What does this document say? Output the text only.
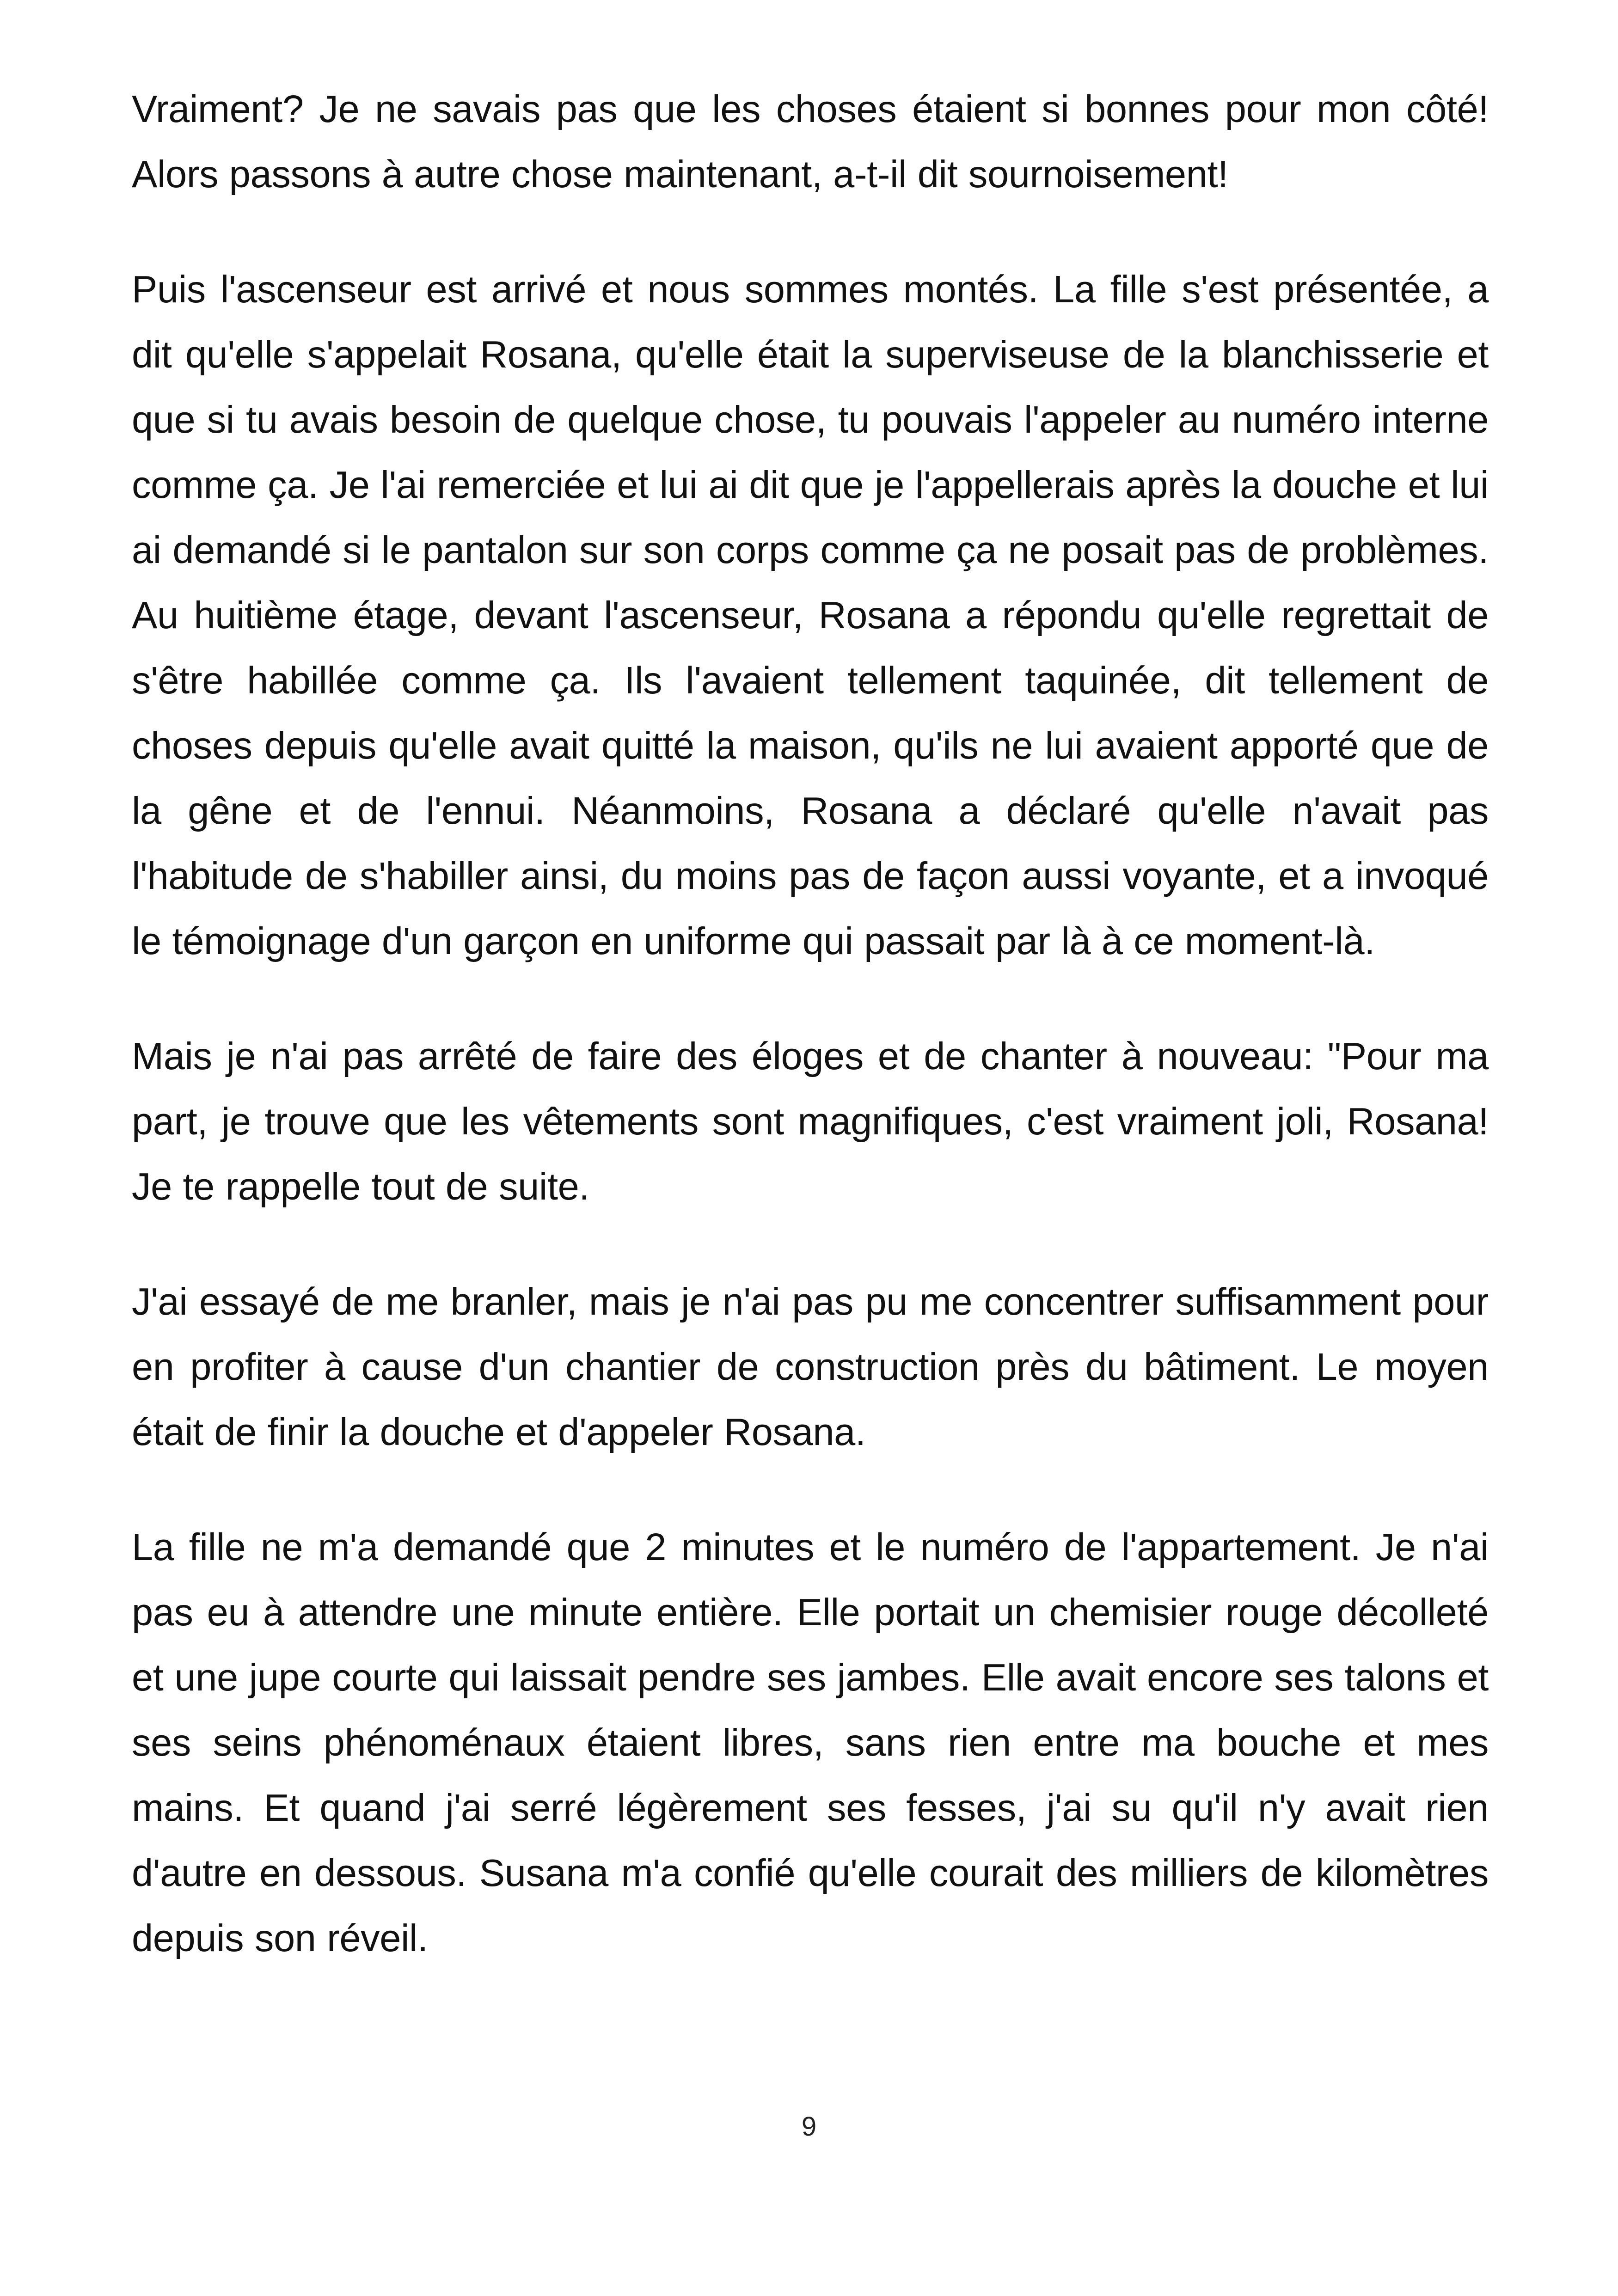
Vraiment? Je ne savais pas que les choses étaient si bonnes pour mon côté! Alors passons à autre chose maintenant, a-t-il dit sournoisement!

Puis l'ascenseur est arrivé et nous sommes montés. La fille s'est présentée, a dit qu'elle s'appelait Rosana, qu'elle était la superviseuse de la blanchisserie et que si tu avais besoin de quelque chose, tu pouvais l'appeler au numéro interne comme ça. Je l'ai remerciée et lui ai dit que je l'appellerais après la douche et lui ai demandé si le pantalon sur son corps comme ça ne posait pas de problèmes. Au huitième étage, devant l'ascenseur, Rosana a répondu qu'elle regrettait de s'être habillée comme ça. Ils l'avaient tellement taquinée, dit tellement de choses depuis qu'elle avait quitté la maison, qu'ils ne lui avaient apporté que de la gêne et de l'ennui. Néanmoins, Rosana a déclaré qu'elle n'avait pas l'habitude de s'habiller ainsi, du moins pas de façon aussi voyante, et a invoqué le témoignage d'un garçon en uniforme qui passait par là à ce moment-là.

Mais je n'ai pas arrêté de faire des éloges et de chanter à nouveau: "Pour ma part, je trouve que les vêtements sont magnifiques, c'est vraiment joli, Rosana! Je te rappelle tout de suite.

J'ai essayé de me branler, mais je n'ai pas pu me concentrer suffisamment pour en profiter à cause d'un chantier de construction près du bâtiment. Le moyen était de finir la douche et d'appeler Rosana.

La fille ne m'a demandé que 2 minutes et le numéro de l'appartement. Je n'ai pas eu à attendre une minute entière. Elle portait un chemisier rouge décolleté et une jupe courte qui laissait pendre ses jambes. Elle avait encore ses talons et ses seins phénoménaux étaient libres, sans rien entre ma bouche et mes mains. Et quand j'ai serré légèrement ses fesses, j'ai su qu'il n'y avait rien d'autre en dessous. Susana m'a confié qu'elle courait des milliers de kilomètres depuis son réveil.

9
